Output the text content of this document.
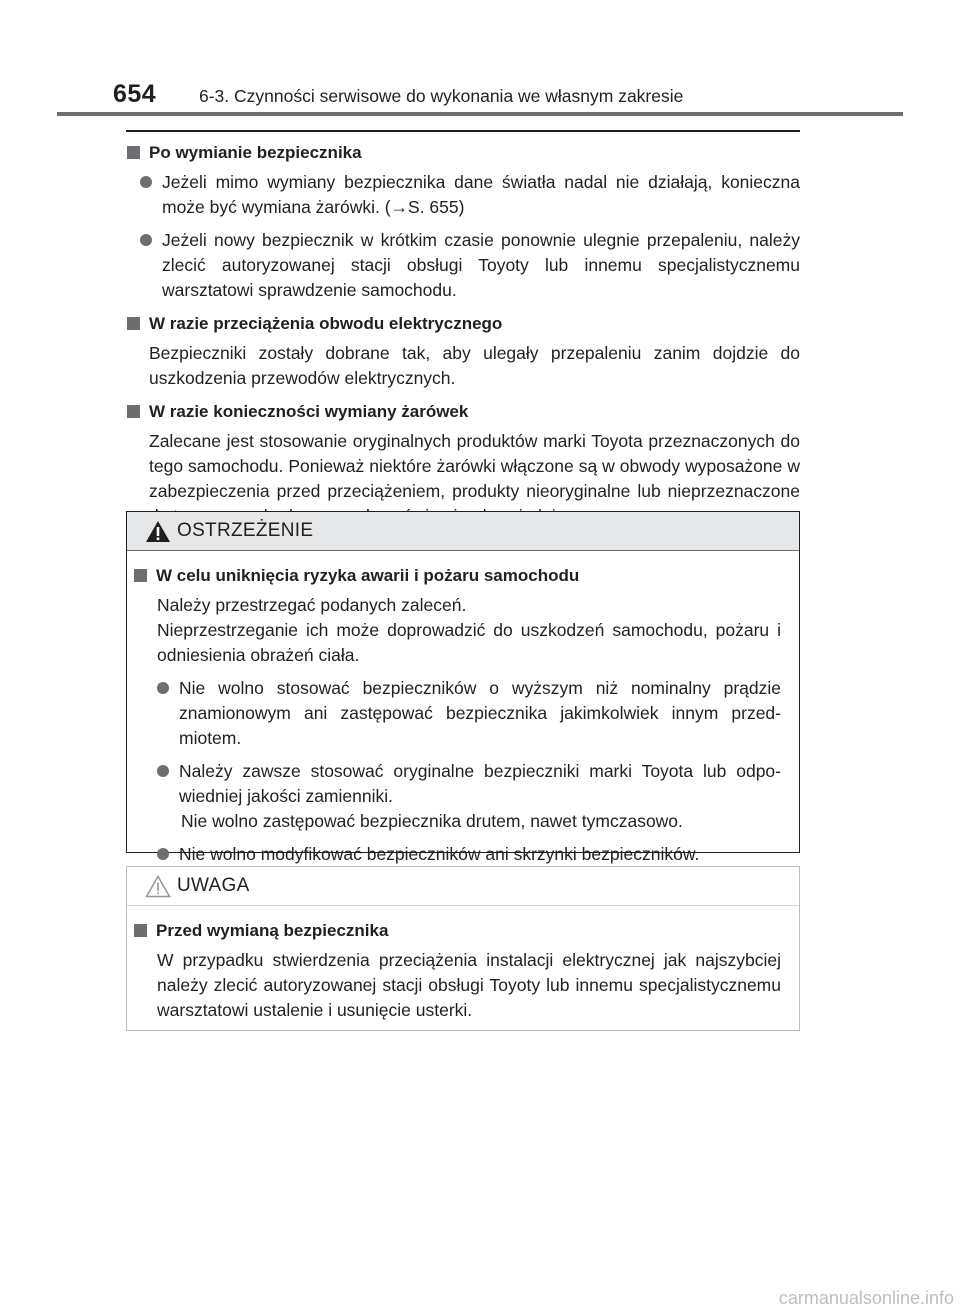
654 6-3. Czynności serwisowe do wykonania we własnym zakresie
Po wymianie bezpiecznika
Jeżeli mimo wymiany bezpiecznika dane światła nadal nie działają, konieczna może być wymiana żarówki. (→S. 655)
Jeżeli nowy bezpiecznik w krótkim czasie ponownie ulegnie przepaleniu, należy zlecić autoryzowanej stacji obsługi Toyoty lub innemu specjalistycznemu warsztatowi sprawdzenie samochodu.
W razie przeciążenia obwodu elektrycznego
Bezpieczniki zostały dobrane tak, aby ulegały przepaleniu zanim dojdzie do uszkodzenia przewodów elektrycznych.
W razie konieczności wymiany żarówek
Zalecane jest stosowanie oryginalnych produktów marki Toyota przeznaczonych do tego samochodu. Ponieważ niektóre żarówki włączone są w obwody wyposażone w zabezpieczenia przed przeciążeniem, produkty nieoryginalne lub nieprzeznaczone
OSTRZEŻENIE
W celu uniknięcia ryzyka awarii i pożaru samochodu
Należy przestrzegać podanych zaleceń.
Nieprzestrzeganie ich może doprowadzić do uszkodzeń samochodu, pożaru i odniesienia obrażeń ciała.
Nie wolno stosować bezpieczników o wyższym niż nominalny prądzie znamionowym ani zastępować bezpiecznika jakimkolwiek innym przedmiotem.
Należy zawsze stosować oryginalne bezpieczniki marki Toyota lub odpowiedniej jakości zamienniki.
Nie wolno zastępować bezpiecznika drutem, nawet tymczasowo.
Nie wolno modyfikować bezpieczników ani skrzynki bezpieczników.
UWAGA
Przed wymianą bezpiecznika
W przypadku stwierdzenia przeciążenia instalacji elektrycznej jak najszybciej należy zlecić autoryzowanej stacji obsługi Toyoty lub innemu specjalistycznemu warsztatowi ustalenie i usunięcie usterki.
carmanualsonline.info
